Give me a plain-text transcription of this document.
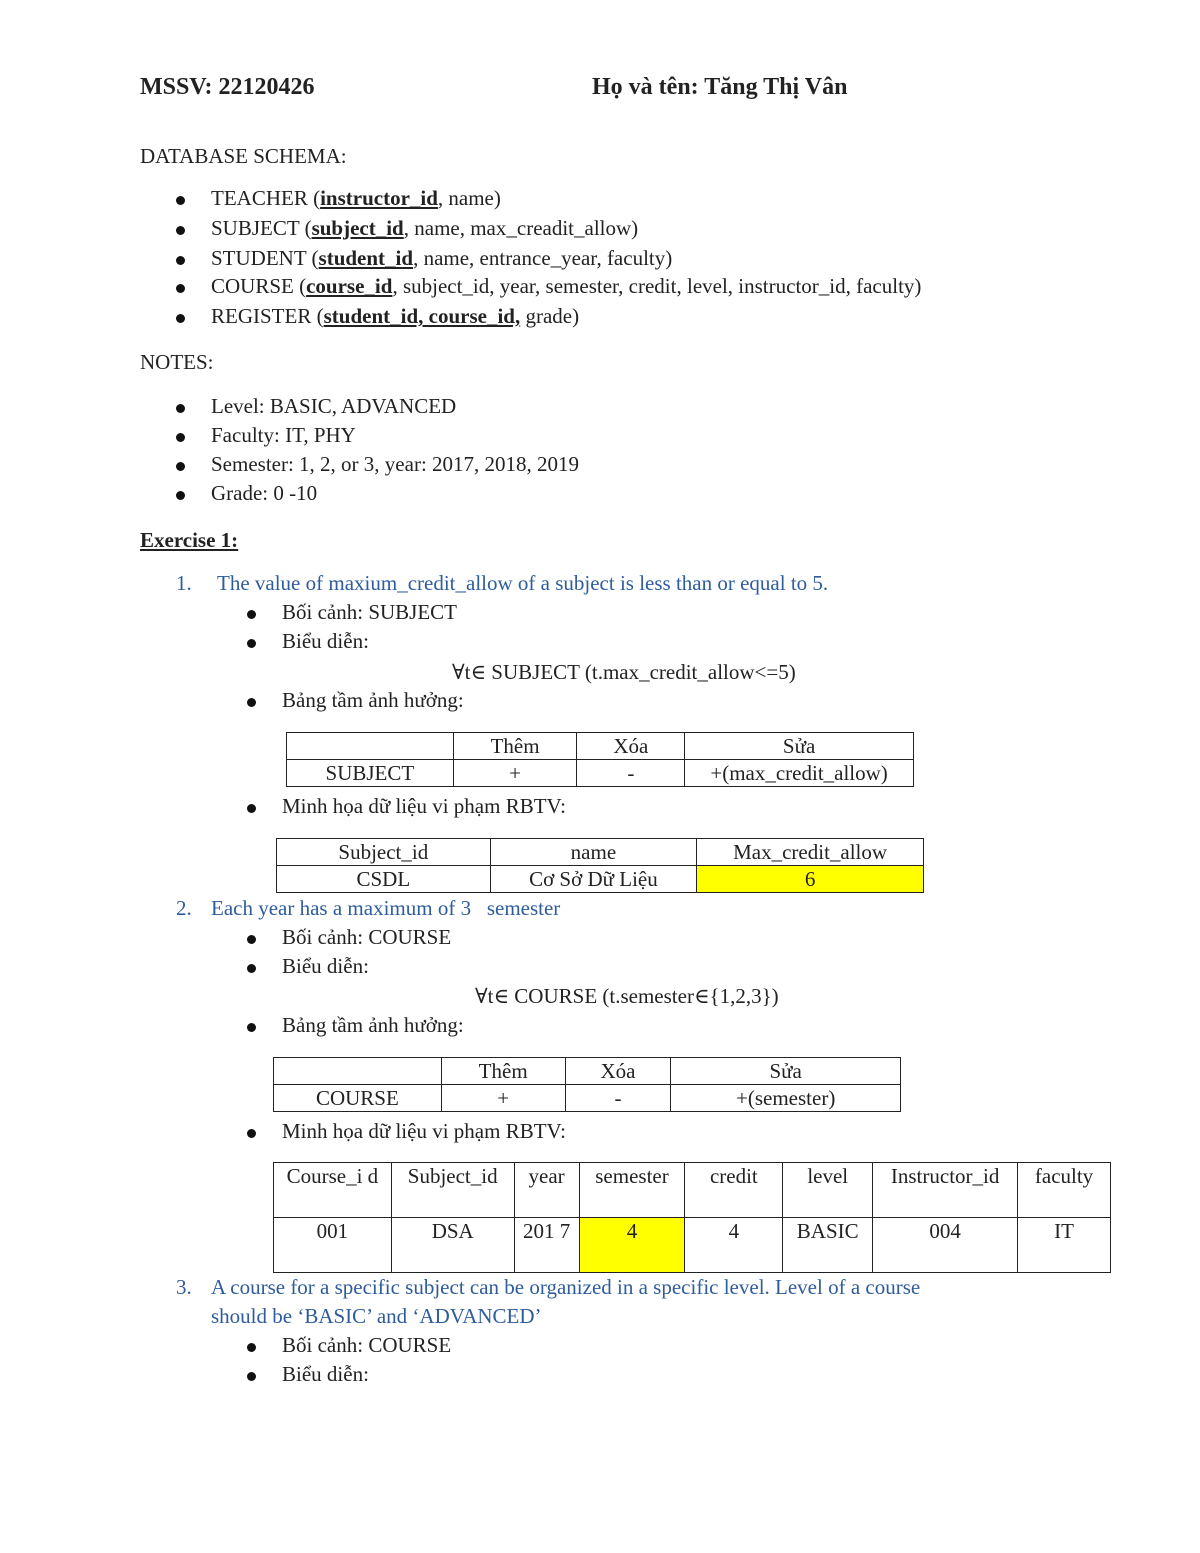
MSSV: 22120426	Họ và tên: Tăng Thị Vân
DATABASE SCHEMA:
TEACHER (instructor_id, name)
SUBJECT (subject_id, name, max_creadit_allow)
STUDENT (student_id, name, entrance_year, faculty)
COURSE (course_id, subject_id, year, semester, credit, level, instructor_id, faculty)
REGISTER (student_id, course_id, grade)
NOTES:
Level: BASIC, ADVANCED
Faculty: IT, PHY
Semester: 1, 2, or 3, year: 2017, 2018, 2019
Grade: 0 -10
Exercise 1:
1. The value of maxium_credit_allow of a subject is less than or equal to 5.
Bối cảnh: SUBJECT
Biểu diễn:
∀t∈ SUBJECT (t.max_credit_allow<=5)
Bảng tầm ảnh hưởng:
	Thêm	Xóa	Sửa
SUBJECT	+	-	+(max_credit_allow)
Minh họa dữ liệu vi phạm RBTV:
Subject_id	name	Max_credit_allow
CSDL	Cơ Sở Dữ Liệu	6
2. Each year has a maximum of 3   semester
Bối cảnh: COURSE
Biểu diễn:
∀t∈ COURSE (t.semester∈{1,2,3})
Bảng tầm ảnh hưởng:
	Thêm	Xóa	Sửa
COURSE	+	-	+(semester)
Minh họa dữ liệu vi phạm RBTV:
Course_i d	Subject_id	year	semester	credit	level	Instructor_id	faculty
001	DSA	201 7	4	4	BASIC	004	IT
3. A course for a specific subject can be organized in a specific level. Level of a course
should be ‘BASIC’ and ‘ADVANCED’
Bối cảnh: COURSE
Biểu diễn:
